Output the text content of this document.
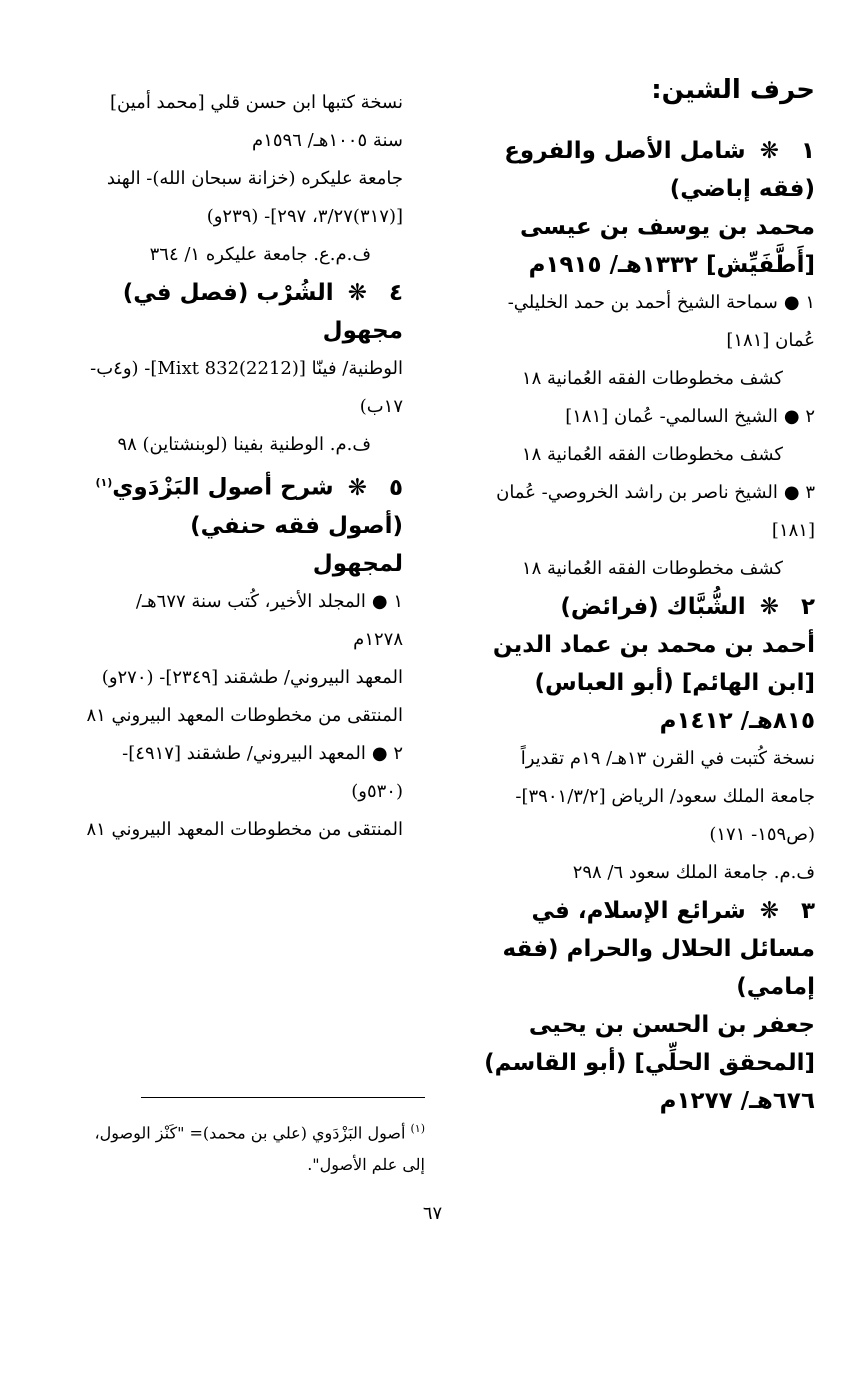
حرف الشين:
١ ❋ شامل الأصل والفروع (فقه إباضي)
محمد بن يوسف بن عيسى [أَطَّفَيِّش] ١٣٣٢هـ/ ١٩١٥م
١ ●سماحة الشيخ أحمد بن حمد الخليلي- عُمان [١٨١]
كشف مخطوطات الفقه العُمانية ١٨
٢ ●الشيخ السالمي- عُمان [١٨١]
كشف مخطوطات الفقه العُمانية ١٨
٣ ●الشيخ ناصر بن راشد الخروصي- عُمان [١٨١]
كشف مخطوطات الفقه العُمانية ١٨
٢ ❋ الشُّبَّاك (فرائض)
أحمد بن محمد بن عماد الدين [ابن الهائم] (أبو العباس) ٨١٥هـ/ ١٤١٢م
نسخة كُتبت في القرن ١٣هـ/ ١٩م تقديراً
جامعة الملك سعود/ الرياض [٣٩٠١/٣/٢]- (ص١٥٩- ١٧١)
ف.م. جامعة الملك سعود ٦/ ٢٩٨
٣ ❋ شرائع الإسلام، في مسائل الحلال والحرام (فقه إمامي)
جعفر بن الحسن بن يحيى [المحقق الحلِّي] (أبو القاسم) ٦٧٦هـ/ ١٢٧٧م
نسخة كتبها ابن حسن قلي [محمد أمين] سنة ١٠٠٥هـ/ ١٥٩٦م
جامعة عليكره (خزانة سبحان الله)- الهند [(٣١٧)٣/٢٧، ٢٩٧]- (٢٣٩و)
ف.م.ع. جامعة عليكره ١/ ٣٦٤
٤ ❋ الشُرْب (فصل في)
مجهول
الوطنية/ فينّا [Mixt 832(2212)]- (و٤ب- ١٧ب)
ف.م. الوطنية بفينا (لوبنشتاين) ٩٨
٥ ❋ شرح أصول البَزْدَوي$^{(١)}$
(أصول فقه حنفي)
لمجهول
١ ●المجلد الأخير، كُتب سنة ٦٧٧هـ/ ١٢٧٨م
المعهد البيروني/ طشقند [٢٣٤٩]- (٢٧٠و)
المنتقى من مخطوطات المعهد البيروني ٨١
٢ ●المعهد البيروني/ طشقند [٤٩١٧]- (٥٣٠و)
المنتقى من مخطوطات المعهد البيروني ٨١
$^{(١)}$ أصول البَزْدَوي (علي بن محمد)= "كَنْز الوصول، إلى علم الأصول".
٦٧
